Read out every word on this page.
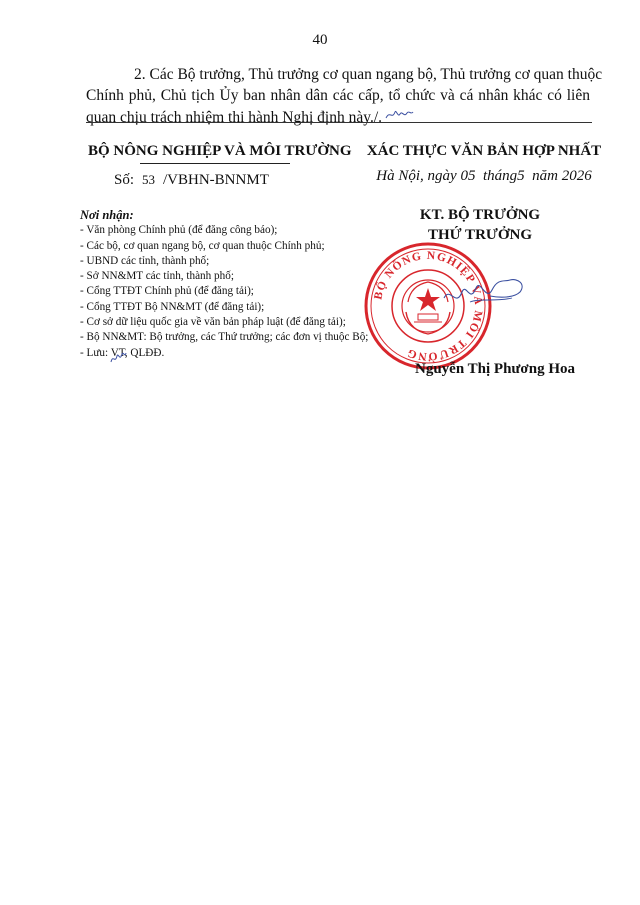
40
2. Các Bộ trưởng, Thủ trưởng cơ quan ngang bộ, Thủ trưởng cơ quan thuộc
Chính phủ, Chủ tịch Ủy ban nhân dân các cấp, tổ chức và cá nhân khác có liên
quan chịu trách nhiệm thi hành Nghị định này./.
BỘ NÔNG NGHIỆP VÀ MÔI TRƯỜNG
Số: 53 /VBHN-BNNMT
XÁC THỰC VĂN BẢN HỢP NHẤT
Hà Nội, ngày 05 tháng5 năm 2026
Nơi nhận:
- Văn phòng Chính phủ (để đăng công báo);
- Các bộ, cơ quan ngang bộ, cơ quan thuộc Chính phủ;
- UBND các tỉnh, thành phố;
- Sở NN&MT các tỉnh, thành phố;
- Cổng TTĐT Chính phủ (để đăng tải);
- Cổng TTĐT Bộ NN&MT (để đăng tải);
- Cơ sở dữ liệu quốc gia về văn bản pháp luật (để đăng tải);
- Bộ NN&MT: Bộ trưởng, các Thứ trưởng; các đơn vị thuộc Bộ;
- Lưu: VT, QLĐĐ.
KT. BỘ TRƯỞNG
THỨ TRƯỞNG
BỘ NÔNG NGHIỆP VÀ MÔI TRƯỜNG
Nguyễn Thị Phương Hoa
